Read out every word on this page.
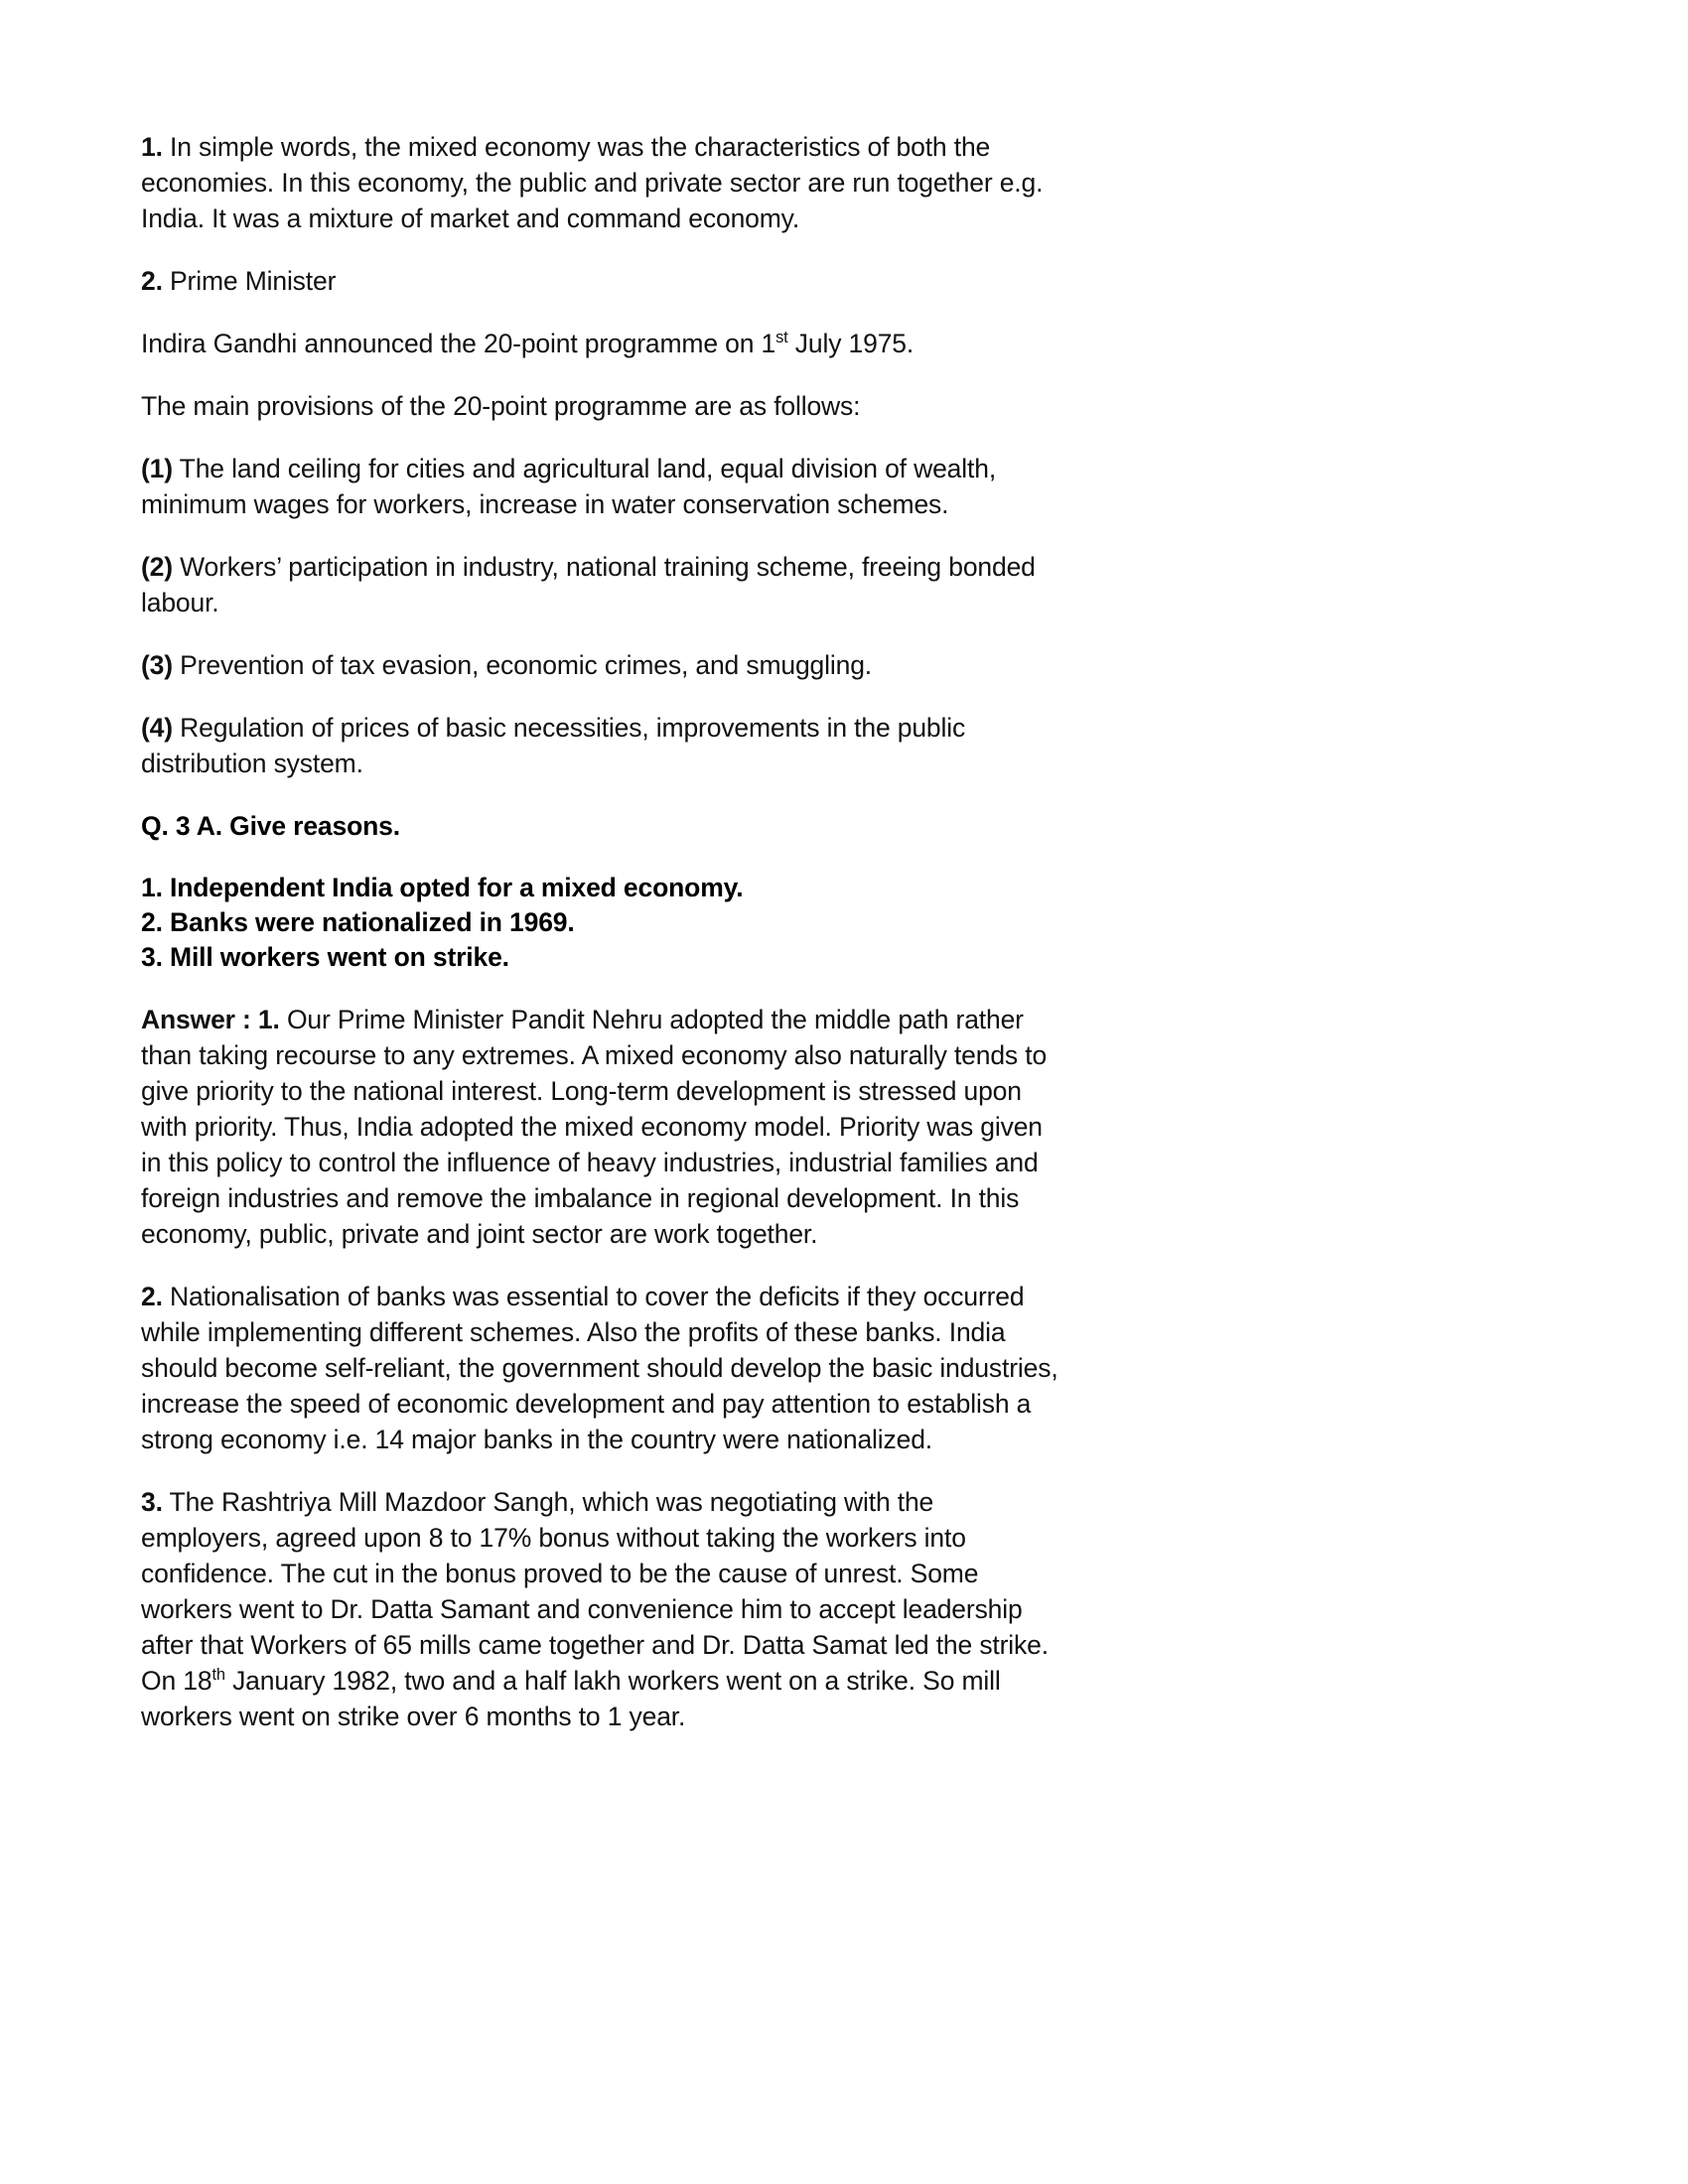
1. In simple words, the mixed economy was the characteristics of both the economies. In this economy, the public and private sector are run together e.g. India. It was a mixture of market and command economy.

2. Prime Minister

Indira Gandhi announced the 20-point programme on 1st July 1975.

The main provisions of the 20-point programme are as follows:

(1) The land ceiling for cities and agricultural land, equal division of wealth, minimum wages for workers, increase in water conservation schemes.

(2) Workers’ participation in industry, national training scheme, freeing bonded labour.

(3) Prevention of tax evasion, economic crimes, and smuggling.

(4) Regulation of prices of basic necessities, improvements in the public distribution system.

Q. 3 A. Give reasons.

1. Independent India opted for a mixed economy.
2. Banks were nationalized in 1969.
3. Mill workers went on strike.

Answer : 1. Our Prime Minister Pandit Nehru adopted the middle path rather than taking recourse to any extremes. A mixed economy also naturally tends to give priority to the national interest. Long-term development is stressed upon with priority. Thus, India adopted the mixed economy model. Priority was given in this policy to control the influence of heavy industries, industrial families and foreign industries and remove the imbalance in regional development. In this economy, public, private and joint sector are work together.

2. Nationalisation of banks was essential to cover the deficits if they occurred while implementing different schemes. Also the profits of these banks. India should become self-reliant, the government should develop the basic industries, increase the speed of economic development and pay attention to establish a strong economy i.e. 14 major banks in the country were nationalized.

3. The Rashtriya Mill Mazdoor Sangh, which was negotiating with the employers, agreed upon 8 to 17% bonus without taking the workers into confidence. The cut in the bonus proved to be the cause of unrest. Some workers went to Dr. Datta Samant and convenience him to accept leadership after that Workers of 65 mills came together and Dr. Datta Samat led the strike. On 18th January 1982, two and a half lakh workers went on a strike. So mill workers went on strike over 6 months to 1 year.
